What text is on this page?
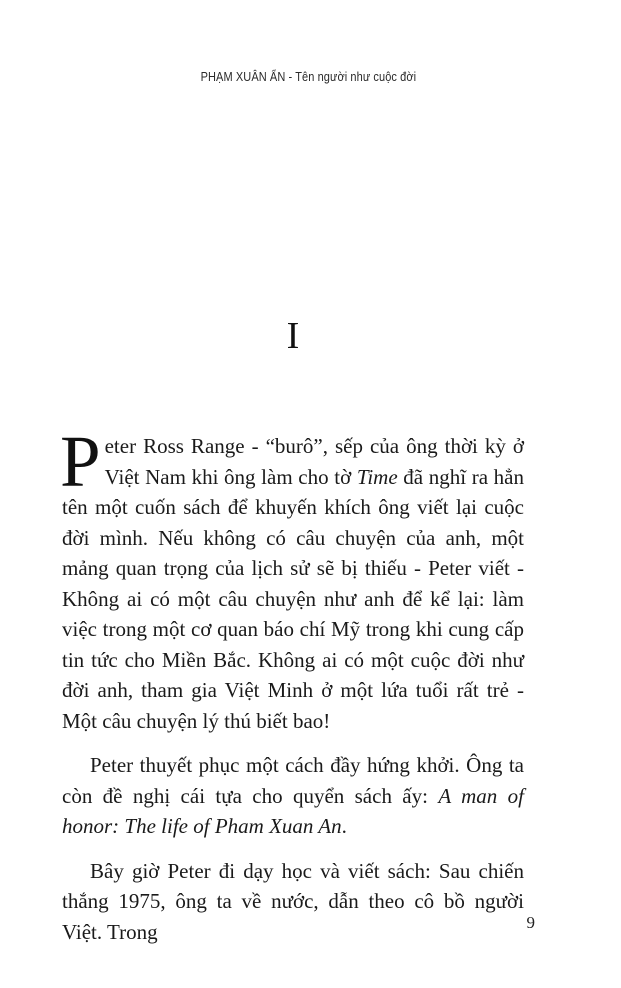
PHẠM XUÂN ẨN - Tên người như cuộc đời
I

Peter Ross Range - “burô”, sếp của ông thời kỳ ở Việt Nam khi ông làm cho tờ Time đã nghĩ ra hẳn tên một cuốn sách để khuyến khích ông viết lại cuộc đời mình. Nếu không có câu chuyện của anh, một mảng quan trọng của lịch sử sẽ bị thiếu - Peter viết - Không ai có một câu chuyện như anh để kể lại: làm việc trong một cơ quan báo chí Mỹ trong khi cung cấp tin tức cho Miền Bắc. Không ai có một cuộc đời như đời anh, tham gia Việt Minh ở một lứa tuổi rất trẻ - Một câu chuyện lý thú biết bao!

Peter thuyết phục một cách đầy hứng khởi. Ông ta còn đề nghị cái tựa cho quyển sách ấy: A man of honor: The life of Pham Xuan An.

Bây giờ Peter đi dạy học và viết sách: Sau chiến thắng 1975, ông ta về nước, dẫn theo cô bồ người Việt. Trong	9
